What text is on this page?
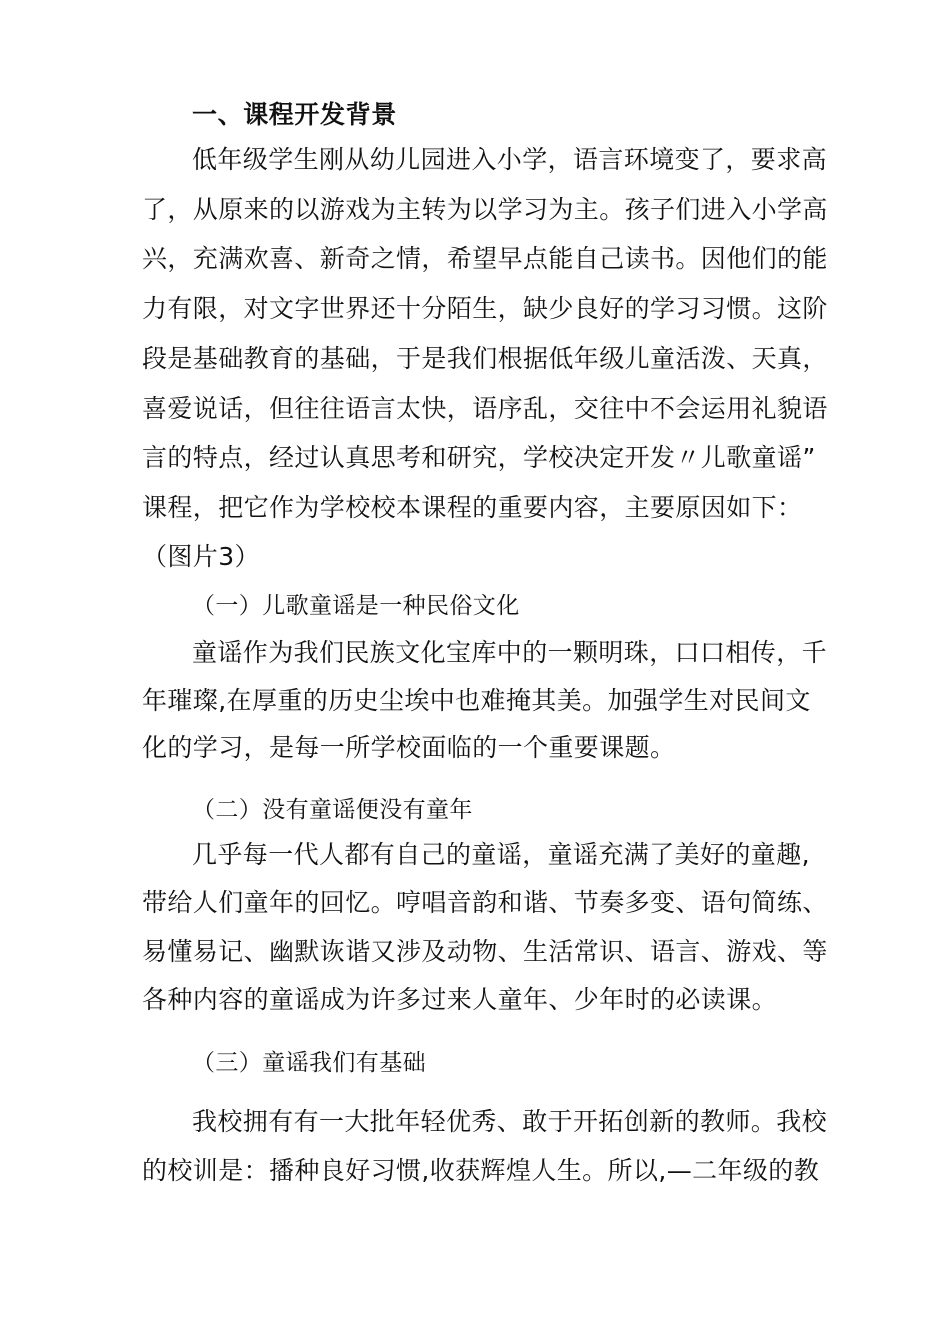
一、课程开发背景
低年级学生刚从幼儿园进入小学，语言环境变了，要求高
了，从原来的以游戏为主转为以学习为主。孩子们进入小学高
兴，充满欢喜、新奇之情，希望早点能自己读书。因他们的能
力有限，对文字世界还十分陌生，缺少良好的学习习惯。这阶
段是基础教育的基础，于是我们根据低年级儿童活泼、天真，
喜爱说话，但往往语言太快，语序乱，交往中不会运用礼貌语
言的特点，经过认真思考和研究，学校决定开发〃儿歌童谣”
课程，把它作为学校校本课程的重要内容，主要原因如下：
（图片3）
（一）儿歌童谣是一种民俗文化
童谣作为我们民族文化宝库中的一颗明珠，口口相传，千
年璀璨,在厚重的历史尘埃中也难掩其美。加强学生对民间文
化的学习，是每一所学校面临的一个重要课题。
（二）没有童谣便没有童年
几乎每一代人都有自己的童谣，童谣充满了美好的童趣,
带给人们童年的回忆。哼唱音韵和谐、节奏多变、语句简练、
易懂易记、幽默诙谐又涉及动物、生活常识、语言、游戏、等
各种内容的童谣成为许多过来人童年、少年时的必读课。
（三）童谣我们有基础
我校拥有有一大批年轻优秀、敢于开拓创新的教师。我校
的校训是：播种良好习惯,收获辉煌人生。所以,—二年级的教
